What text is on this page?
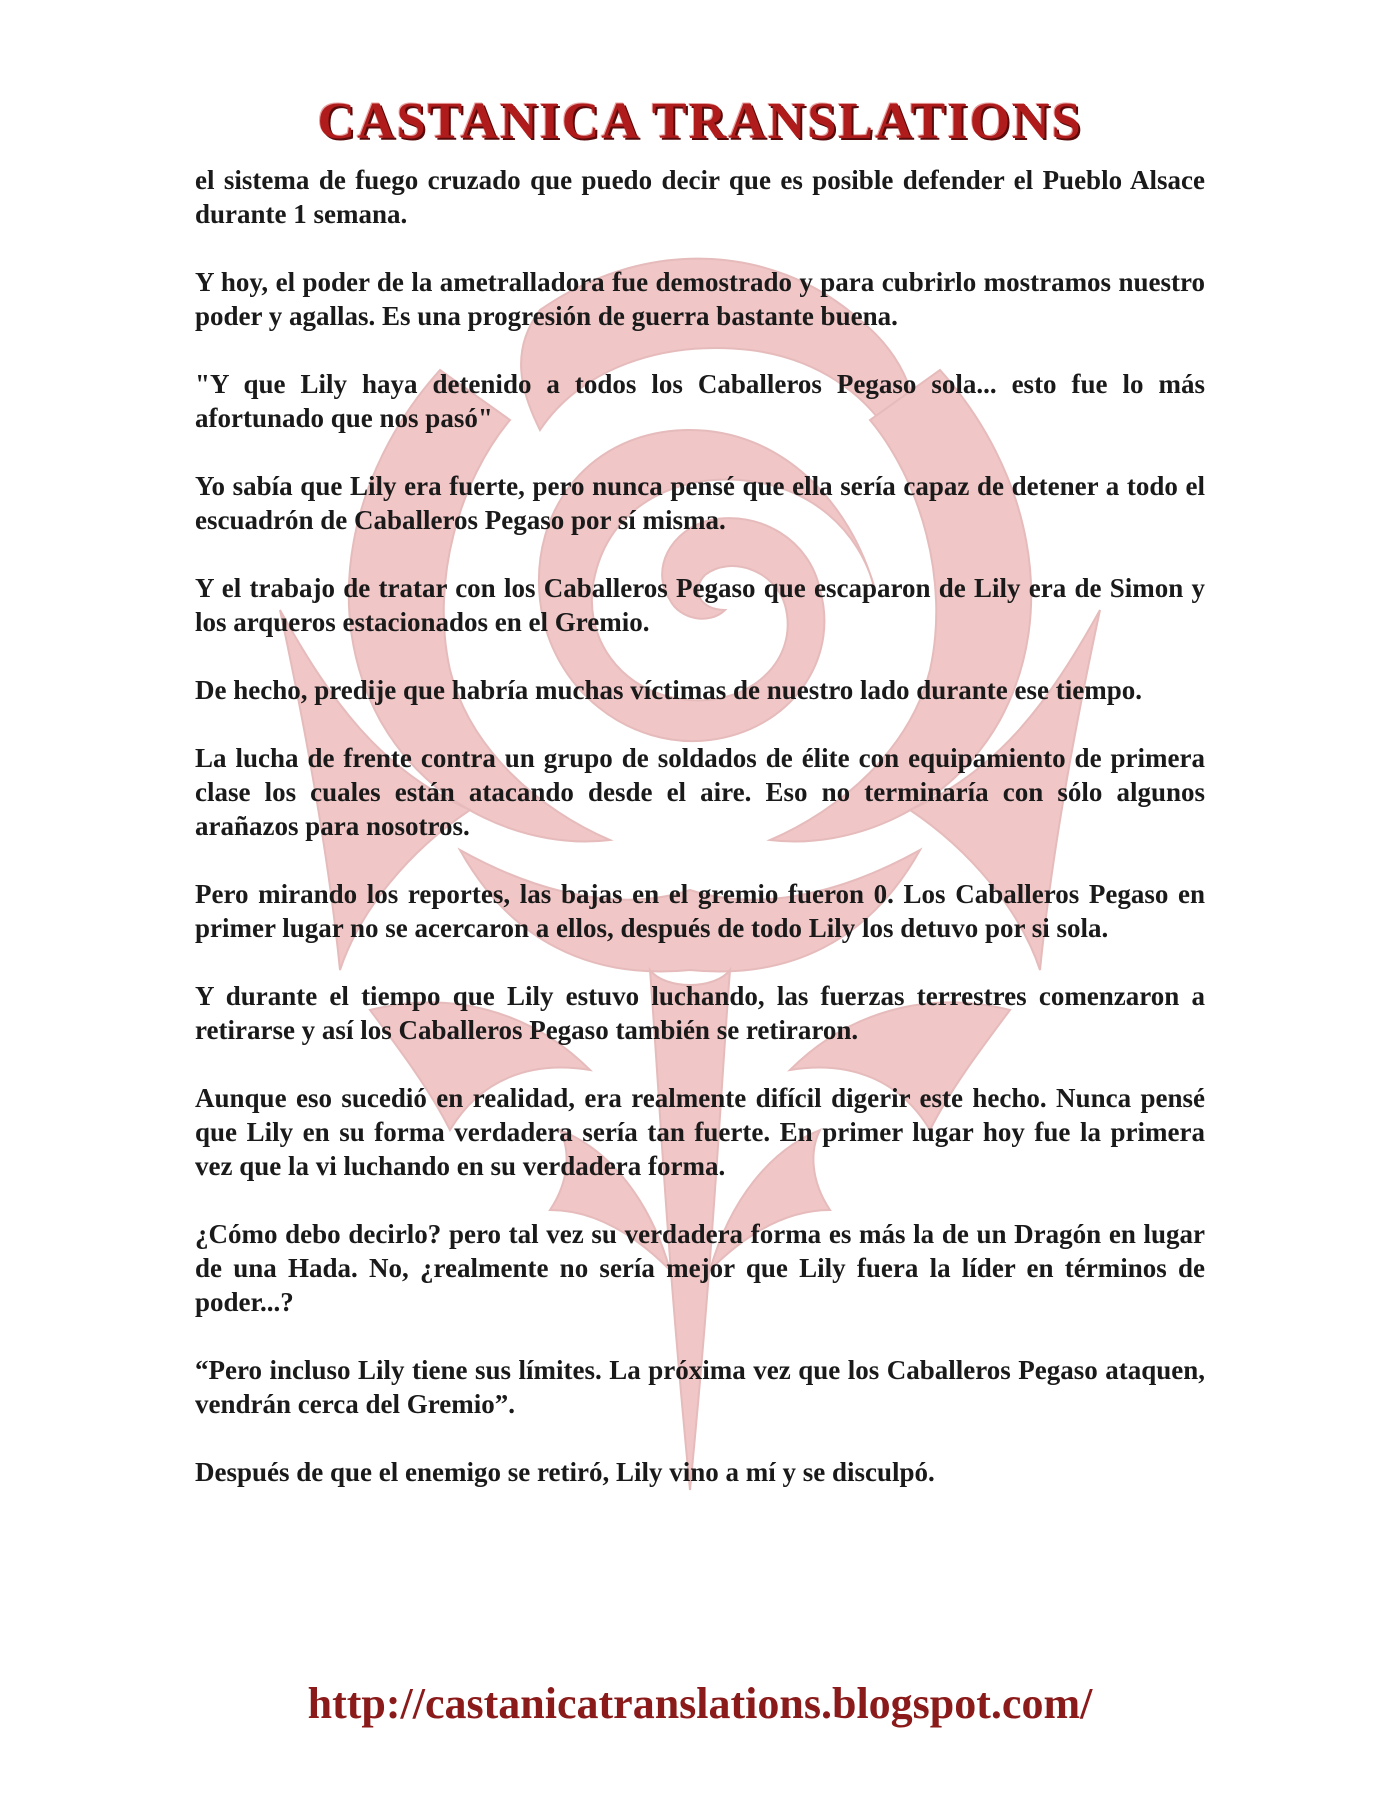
CASTANICA TRANSLATIONS

el sistema de fuego cruzado que puedo decir que es posible defender el Pueblo Alsace durante 1 semana.

Y hoy, el poder de la ametralladora fue demostrado y para cubrirlo mostramos nuestro poder y agallas. Es una progresión de guerra bastante buena.

"Y que Lily haya detenido a todos los Caballeros Pegaso sola... esto fue lo más afortunado que nos pasó"

Yo sabía que Lily era fuerte, pero nunca pensé que ella sería capaz de detener a todo el escuadrón de Caballeros Pegaso por sí misma.

Y el trabajo de tratar con los Caballeros Pegaso que escaparon de Lily era de Simon y los arqueros estacionados en el Gremio.

De hecho, predije que habría muchas víctimas de nuestro lado durante ese tiempo.

La lucha de frente contra un grupo de soldados de élite con equipamiento de primera clase los cuales están atacando desde el aire. Eso no terminaría con sólo algunos arañazos para nosotros.

Pero mirando los reportes, las bajas en el gremio fueron 0. Los Caballeros Pegaso en primer lugar no se acercaron a ellos, después de todo Lily los detuvo por si sola.

Y durante el tiempo que Lily estuvo luchando, las fuerzas terrestres comenzaron a retirarse y así los Caballeros Pegaso también se retiraron.

Aunque eso sucedió en realidad, era realmente difícil digerir este hecho. Nunca pensé que Lily en su forma verdadera sería tan fuerte. En primer lugar hoy fue la primera vez que la vi luchando en su verdadera forma.

¿Cómo debo decirlo? pero tal vez su verdadera forma es más la de un Dragón en lugar de una Hada. No, ¿realmente no sería mejor que Lily fuera la líder en términos de poder...?

“Pero incluso Lily tiene sus límites. La próxima vez que los Caballeros Pegaso ataquen, vendrán cerca del Gremio”.

Después de que el enemigo se retiró, Lily vino a mí y se disculpó.

http://castanicatranslations.blogspot.com/
